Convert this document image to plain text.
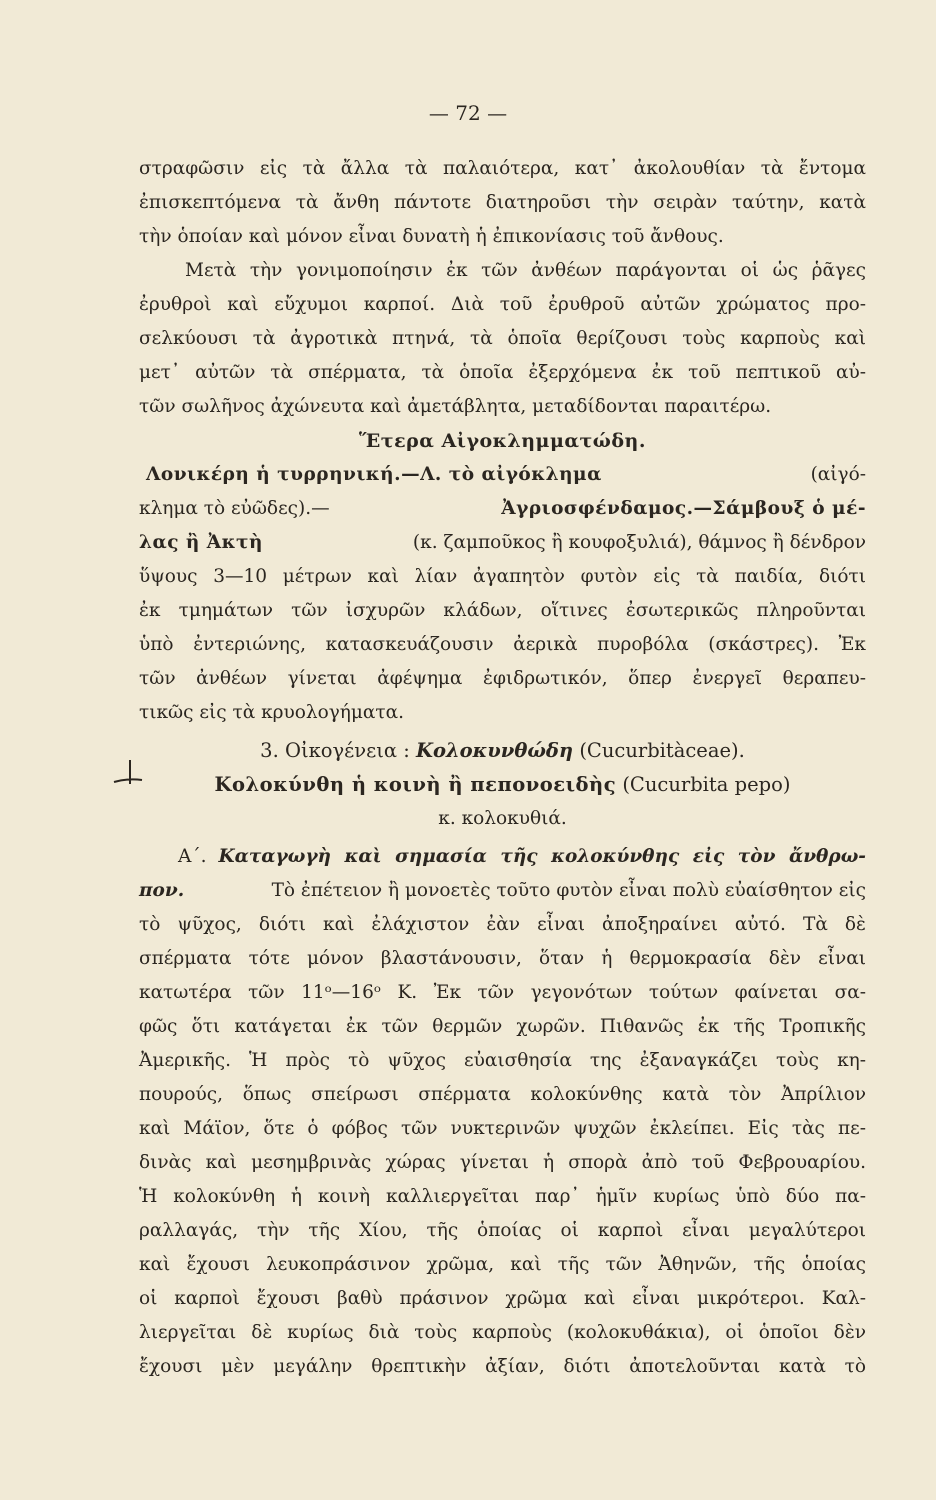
— 72 —
στραφῶσιν εἰς τὰ ἄλλα τὰ παλαιότερα, κατ᾽ ἀκολουθίαν τὰ ἔντομα
ἐπισκεπτόμενα τὰ ἄνθη πάντοτε διατηροῦσι τὴν σειρὰν ταύτην, κατὰ
τὴν ὁποίαν καὶ μόνον εἶναι δυνατὴ ἡ ἐπικονίασις τοῦ ἄνθους.
Μετὰ τὴν γονιμοποίησιν ἐκ τῶν ἀνθέων παράγονται οἱ ὡς ῥᾶγες
ἐρυθροὶ καὶ εὔχυμοι καρποί. Διὰ τοῦ ἐρυθροῦ αὐτῶν χρώματος προ-
σελκύουσι τὰ ἀγροτικὰ πτηνά, τὰ ὁποῖα θερίζουσι τοὺς καρποὺς καὶ
μετ᾽ αὐτῶν τὰ σπέρματα, τὰ ὁποῖα ἐξερχόμενα ἐκ τοῦ πεπτικοῦ αὐ-
τῶν σωλῆνος ἀχώνευτα καὶ ἀμετάβλητα, μεταδίδονται παραιτέρω.
Ἕτερα Αἰγοκλημματώδη.
Λονικέρη ἡ τυρρηνική.—Λ. τὸ αἰγόκλημα	(αἰγό-
κλημα τὸ εὐῶδες).—	Ἀγριοσφένδαμος.—Σάμβουξ ὁ μέ-
λας ἢ Ἀκτὴ	(κ. ζαμποῦκος ἢ κουφοξυλιά), θάμνος ἢ δένδρον
ὕψους 3—10 μέτρων καὶ λίαν ἀγαπητὸν φυτὸν εἰς τὰ παιδία, διότι
ἐκ τμημάτων τῶν ἰσχυρῶν κλάδων, οἵτινες ἐσωτερικῶς πληροῦνται
ὑπὸ ἐντεριώνης, κατασκευάζουσιν ἀερικὰ πυροβόλα (σκάστρες). Ἐκ
τῶν ἀνθέων γίνεται ἀφέψημα ἐφιδρωτικόν, ὅπερ ἐνεργεῖ θεραπευ-
τικῶς εἰς τὰ κρυολογήματα.
3. Οἰκογένεια : Κολοκυνθώδη (Cucurbitàceae).
Κολοκύνθη ἡ κοινὴ ἢ πεπονοειδὴς (Cucurbita pepo)
κ. κολοκυθιά.
Α´. Καταγωγὴ καὶ σημασία τῆς κολοκύνθης εἰς τὸν ἄνθρω-
πον.	Τὸ ἐπέτειον ἢ μονοετὲς τοῦτο φυτὸν εἶναι πολὺ εὐαίσθητον εἰς
τὸ ψῦχος, διότι καὶ ἐλάχιστον ἐὰν εἶναι ἀποξηραίνει αὐτό. Τὰ δὲ
σπέρματα τότε μόνον βλαστάνουσιν, ὅταν ἡ θερμοκρασία δὲν εἶναι
κατωτέρα τῶν 11ᵒ—16ᵒ Κ. Ἐκ τῶν γεγονότων τούτων φαίνεται σα-
φῶς ὅτι κατάγεται ἐκ τῶν θερμῶν χωρῶν. Πιθανῶς ἐκ τῆς Τροπικῆς
Ἀμερικῆς. Ἡ πρὸς τὸ ψῦχος εὐαισθησία της ἐξαναγκάζει τοὺς κη-
πουρούς, ὅπως σπείρωσι σπέρματα κολοκύνθης κατὰ τὸν Ἀπρίλιον
καὶ Μάϊον, ὅτε ὁ φόβος τῶν νυκτερινῶν ψυχῶν ἐκλείπει. Εἰς τὰς πε-
δινὰς καὶ μεσημβρινὰς χώρας γίνεται ἡ σπορὰ ἀπὸ τοῦ Φεβρουαρίου.
Ἡ κολοκύνθη ἡ κοινὴ καλλιεργεῖται παρ᾽ ἡμῖν κυρίως ὑπὸ δύο πα-
ραλλαγάς, τὴν τῆς Χίου, τῆς ὁποίας οἱ καρποὶ εἶναι μεγαλύτεροι
καὶ ἔχουσι λευκοπράσινον χρῶμα, καὶ τῆς τῶν Ἀθηνῶν, τῆς ὁποίας
οἱ καρποὶ ἔχουσι βαθὺ πράσινον χρῶμα καὶ εἶναι μικρότεροι. Καλ-
λιεργεῖται δὲ κυρίως διὰ τοὺς καρποὺς (κολοκυθάκια), οἱ ὁποῖοι δὲν
ἔχουσι μὲν μεγάλην θρεπτικὴν ἀξίαν, διότι ἀποτελοῦνται κατὰ τὸ
